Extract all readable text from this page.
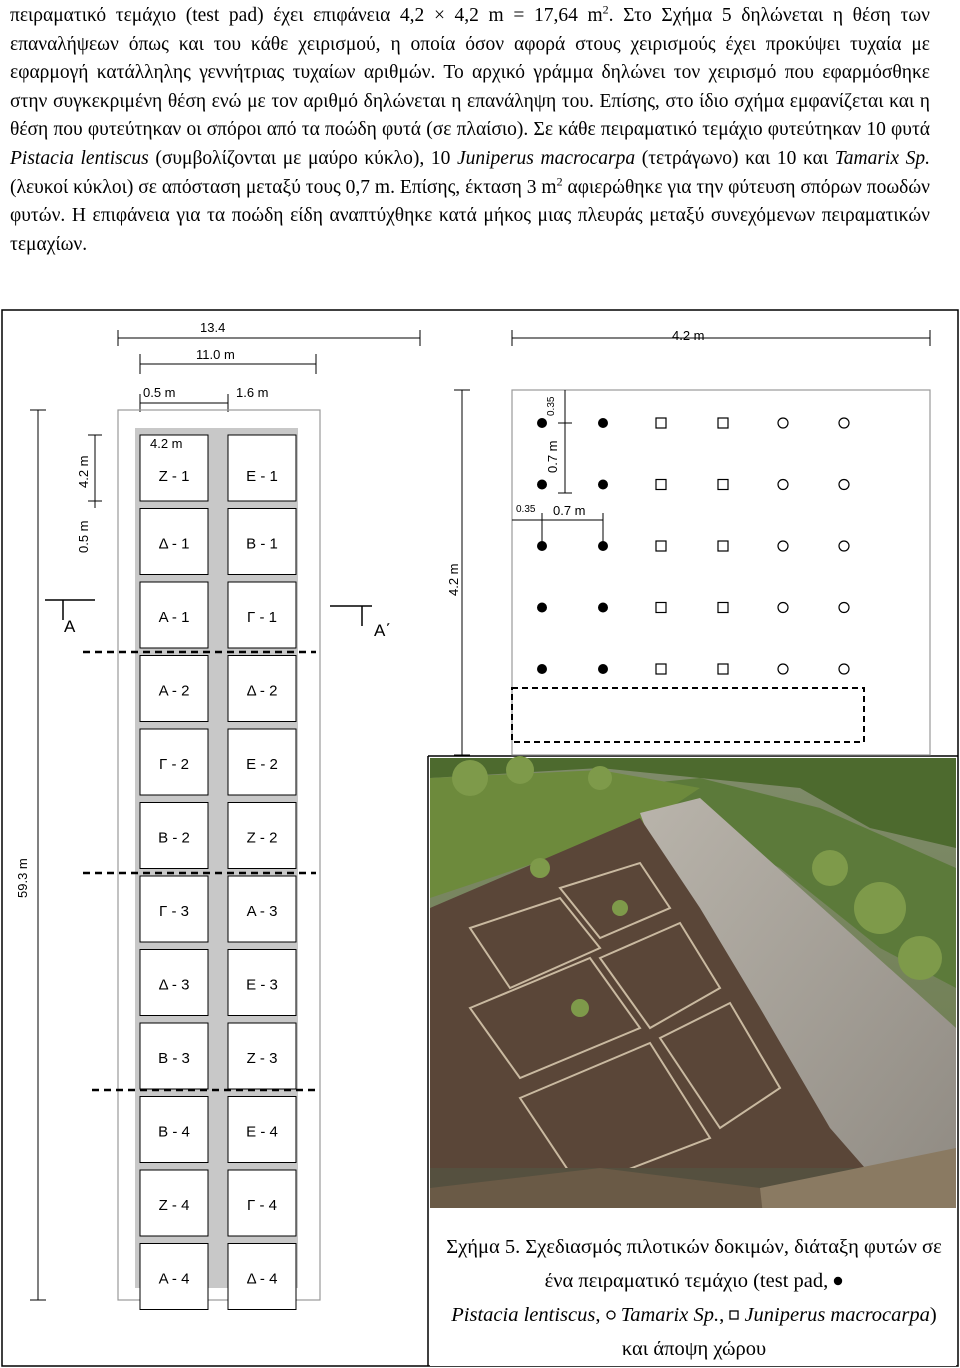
πειραματικό τεμάχιο (test pad) έχει επιφάνεια 4,2 × 4,2 m = 17,64 $m^2$. Στο Σχήμα 5 δηλώνεται η θέση των επαναλήψεων όπως και του κάθε χειρισμού, η οποία όσον αφορά στους χειρισμούς έχει προκύψει τυχαία με εφαρμογή κατάλληλης γεννήτριας τυχαίων αριθμών. Το αρχικό γράμμα δηλώνει τον χειρισμό που εφαρμόσθηκε στην συγκεκριμένη θέση ενώ με τον αριθμό δηλώνεται η επανάληψη του. Επίσης, στο ίδιο σχήμα εμφανίζεται και η θέση που φυτεύτηκαν οι σπόροι από τα ποώδη φυτά (σε πλαίσιο). Σε κάθε πειραματικό τεμάχιο φυτεύτηκαν 10 φυτά Pistacia lentiscus (συμβολίζονται με μαύρο κύκλο), 10 Juniperus macrocarpa (τετράγωνο) και 10 και Tamarix Sp. (λευκοί κύκλοι) σε απόσταση μεταξύ τους 0,7 m. Επίσης, έκταση 3 $m^2$ αφιερώθηκε για την φύτευση σπόρων ποωδών φυτών. Η επιφάνεια για τα ποώδη είδη αναπτύχθηκε κατά μήκος μιας πλευράς μεταξύ συνεχόμενων πειραματικών τεμαχίων.

13.4
11.0 m
0.5 m	1.6 m
Ζ - 1	Ε - 1
Δ - 1	Β - 1
Α - 1	Γ - 1
Α - 2	Δ - 2
Γ - 2	Ε - 2
Β - 2	Ζ - 2
Γ - 3	Α - 3
Δ - 3	Ε - 3
Β - 3	Ζ - 3
Β - 4	Ε - 4
Ζ - 4	Γ - 4
Α - 4	Δ - 4
59.3 m
4.2 m
0.5 m
4.2 m
A	A΄
4.2 m
4.2 m
0.35
0.7 m
0.35 0.7 m

Σχήμα 5. Σχεδιασμός πιλοτικών δοκιμών, διάταξη φυτών σε ένα πειραματικό τεμάχιο (test pad,
Pistacia lentiscus,  Tamarix Sp.,  Juniperus macrocarpa) και άποψη χώρου
